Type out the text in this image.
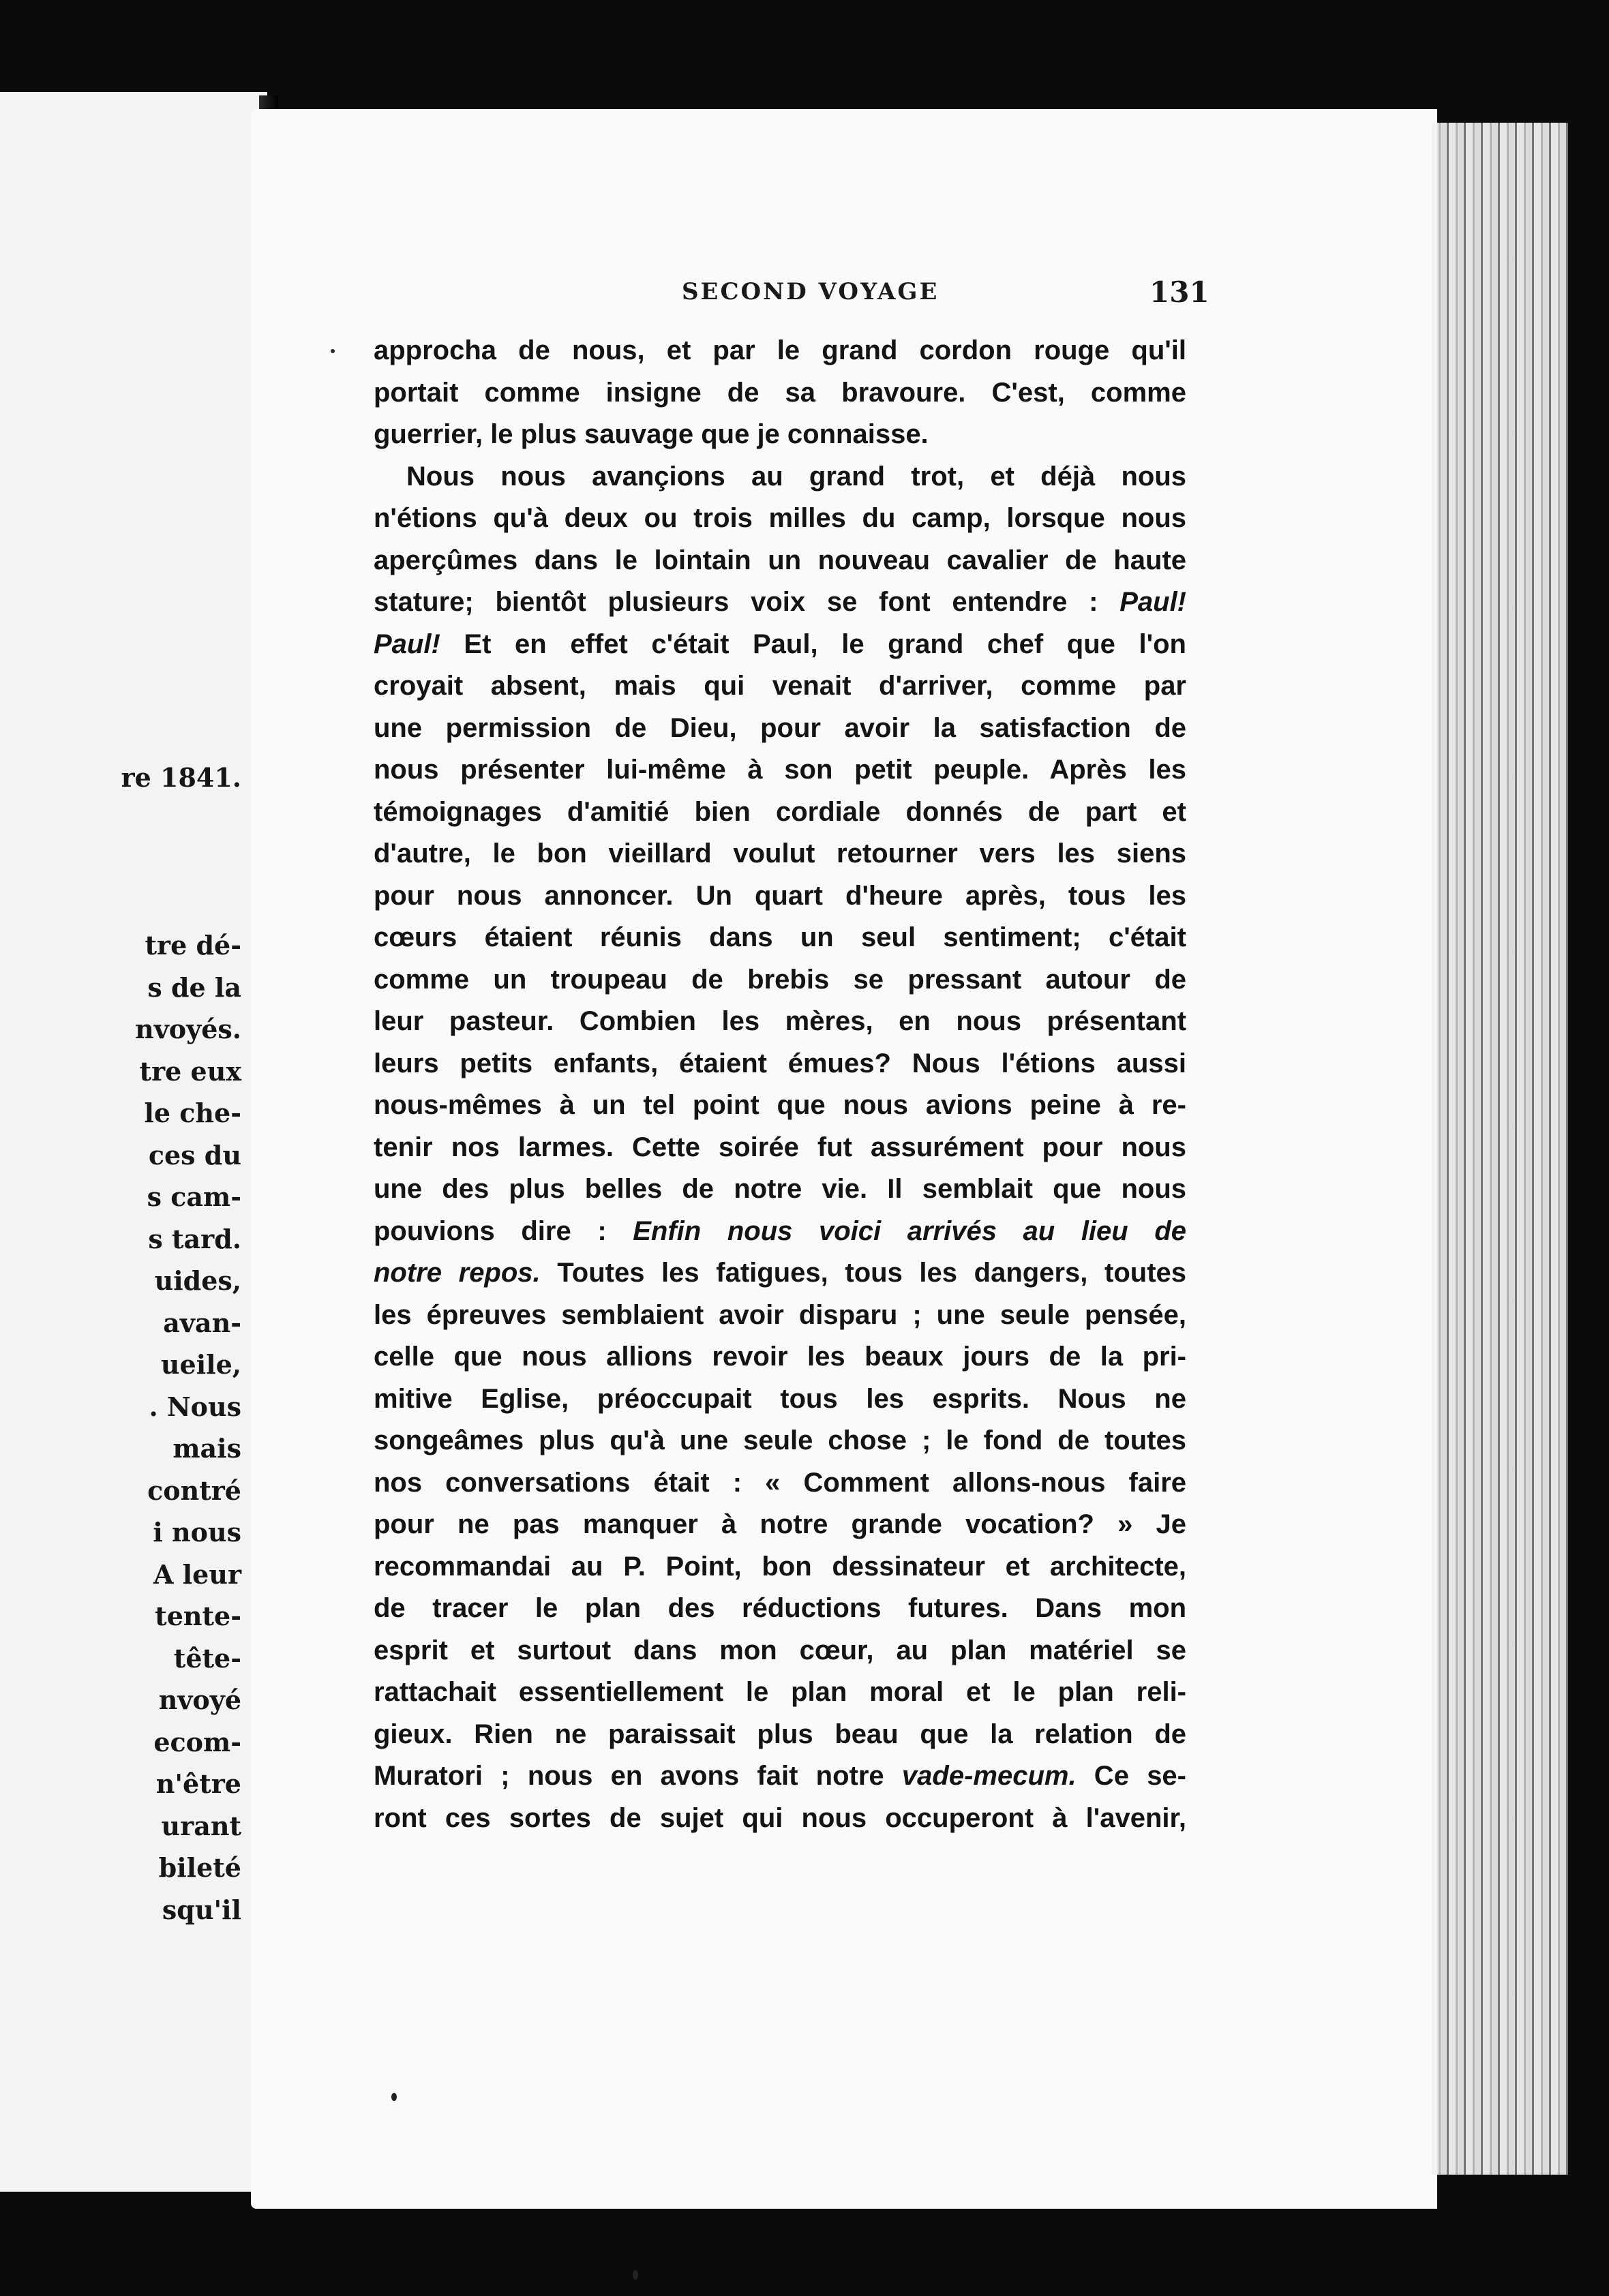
re 1841.

tre dé-
s de la
nvoyés.
tre eux
le che-
ces du
s cam-
s tard.
uides,
avan-
ueile,
. Nous
mais
contré
i nous
A leur
tente-
tête-
nvoyé
ecom-
n'être
urant
bileté
squ'il
SECOND VOYAGE	131
approcha de nous, et par le grand cordon rouge qu'il
portait comme insigne de sa bravoure. C'est, comme
guerrier, le plus sauvage que je connaisse.
Nous nous avançions au grand trot, et déjà nous
n'étions qu'à deux ou trois milles du camp, lorsque nous
aperçûmes dans le lointain un nouveau cavalier de haute
stature; bientôt plusieurs voix se font entendre : Paul!
Paul! Et en effet c'était Paul, le grand chef que l'on
croyait absent, mais qui venait d'arriver, comme par
une permission de Dieu, pour avoir la satisfaction de
nous présenter lui-même à son petit peuple. Après les
témoignages d'amitié bien cordiale donnés de part et
d'autre, le bon vieillard voulut retourner vers les siens
pour nous annoncer. Un quart d'heure après, tous les
cœurs étaient réunis dans un seul sentiment; c'était
comme un troupeau de brebis se pressant autour de
leur pasteur. Combien les mères, en nous présentant
leurs petits enfants, étaient émues? Nous l'étions aussi
nous-mêmes à un tel point que nous avions peine à re-
tenir nos larmes. Cette soirée fut assurément pour nous
une des plus belles de notre vie. Il semblait que nous
pouvions dire : Enfin nous voici arrivés au lieu de
notre repos. Toutes les fatigues, tous les dangers, toutes
les épreuves semblaient avoir disparu ; une seule pensée,
celle que nous allions revoir les beaux jours de la pri-
mitive Eglise, préoccupait tous les esprits. Nous ne
songeâmes plus qu'à une seule chose ; le fond de toutes
nos conversations était : « Comment allons-nous faire
pour ne pas manquer à notre grande vocation? » Je
recommandai au P. Point, bon dessinateur et architecte,
de tracer le plan des réductions futures. Dans mon
esprit et surtout dans mon cœur, au plan matériel se
rattachait essentiellement le plan moral et le plan reli-
gieux. Rien ne paraissait plus beau que la relation de
Muratori ; nous en avons fait notre vade-mecum. Ce se-
ront ces sortes de sujet qui nous occuperont à l'avenir,
